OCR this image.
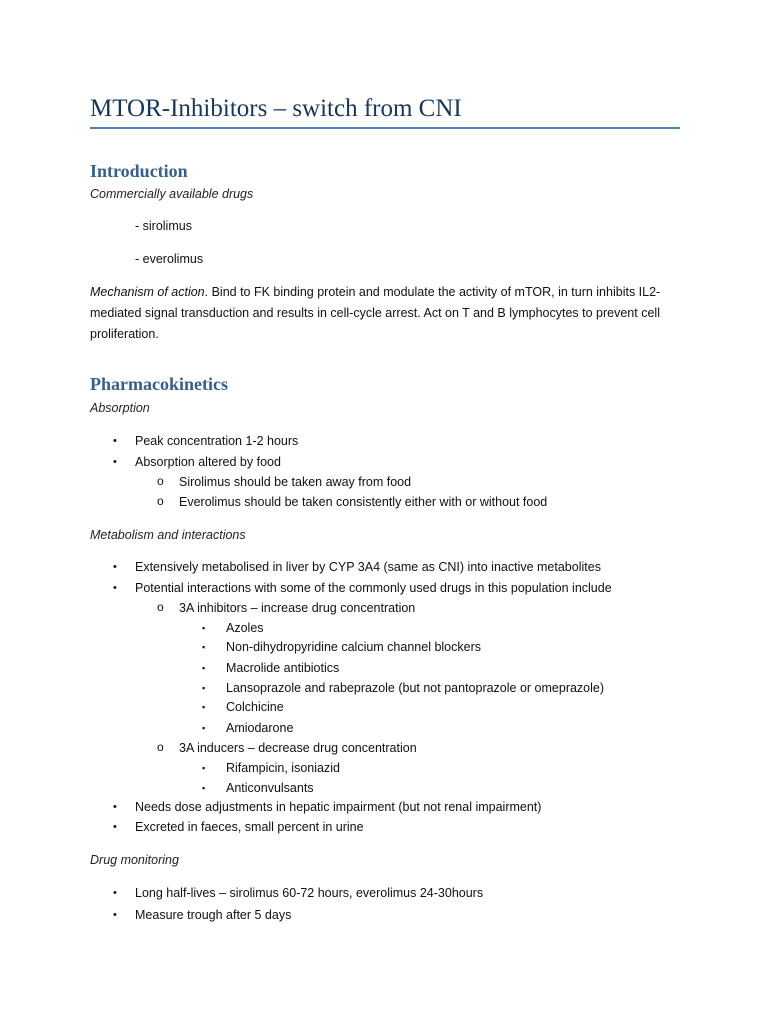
MTOR-Inhibitors – switch from CNI
Introduction
Commercially available drugs
- sirolimus
- everolimus
Mechanism of action. Bind to FK binding protein and modulate the activity of mTOR, in turn inhibits IL2-mediated signal transduction and results in cell-cycle arrest. Act on T and B lymphocytes to prevent cell proliferation.
Pharmacokinetics
Absorption
• Peak concentration 1-2 hours
• Absorption altered by food
o Sirolimus should be taken away from food
o Everolimus should be taken consistently either with or without food
Metabolism and interactions
• Extensively metabolised in liver by CYP 3A4 (same as CNI) into inactive metabolites
• Potential interactions with some of the commonly used drugs in this population include
o 3A inhibitors – increase drug concentration
▪ Azoles
▪ Non-dihydropyridine calcium channel blockers
▪ Macrolide antibiotics
▪ Lansoprazole and rabeprazole (but not pantoprazole or omeprazole)
▪ Colchicine
▪ Amiodarone
o 3A inducers – decrease drug concentration
▪ Rifampicin, isoniazid
▪ Anticonvulsants
• Needs dose adjustments in hepatic impairment (but not renal impairment)
• Excreted in faeces, small percent in urine
Drug monitoring
• Long half-lives – sirolimus 60-72 hours, everolimus 24-30hours
• Measure trough after 5 days
